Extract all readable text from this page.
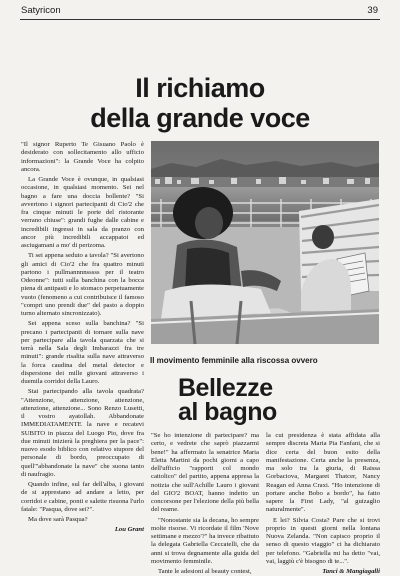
Satyricon	39
Il richiamo
della grande voce

"Il signor Ruperto Te Gisuano Paolo è desiderato con sollecitamento allo ufficio informazioni": la Grande Voce ha colpito ancora.

La Grande Voce è ovunque, in qualsiasi occasione, in qualsiasi momento. Sei nel bagno a fare una doccia bollente? "Si avvertono i signori partecipanti di Cio'2 che fra cinque minuti le porte del ristorante verrano chiuse": grandi fughe dalle cabine e incredibili ingressi in sala da pranzo con ancor più incredibili accappatoi ed asciugamani a mo' di perizoma.

Ti sei appena seduto a tavola? "Si avertono gli amici di Cio'2 che fra quattro minuti partono i pullmannnnsssss per il teatro Odeonne": tutti sulla banchina con la bocca piena di antipasti e lo stomaco perpetuamente vuoto (fenomeno a cui contribuisce il famoso "compri uno prendi due" del pasto a doppio turno alternato sincronizzato).

Sei appena sceso sulla banchina? "Si precano i partecipanti di tornare sulla nave per partecipare alla tavola quarzata che si terrà nella Sala degli Imbarazzi fra tre minuti": grande risalita sulla nave attraverso la forca caudina del metal detector e dispersione dei mille giovani attraverso i duemila corridoi della Lauro.

Stai partecipando alla tavola quadrata? "Attenzione, attenzione, attenzione, attenzione, attenzione... Sono Renzo Lusetti, il vostro ayatollah. Abbandonate IMMEDIATAMENTE la nave e recatevi SUBITO in piazza del Luogo Pio, dove fra due minuti inizierà la preghiera per la pace": nuovo esodo biblico con relativo stupore del personale di bordo, preoccupato di quell'"abbandonate la nave" che suona tanto di naufragio.

Quando infine, sul far dell'alba, i giovani de si apprestano ad andare a letto, per corridoi e cabine, ponti e salette risuona l'urlo fatale: "Pasqua, dove sei?".

Ma dove sarà Pasqua?

Lou Grant
Il movimento femminile alla riscossa ovvero
Bellezze
al bagno

"Se ho intenzione di partecipare? ma certo, e vedrete che saprò piazzarmi bene!" ha affermato la senatrice Maria Eletta Martini da pochi giorni a capo dell'ufficio "rapporti col mondo cattolico" del partito, appena appresa la notizia che sull'Achille Lauro i giovani del GIO'2 BOAT, hanno indetto un concorsone per l'elezione della più bella del reame.

"Nonostante sia la decana, ho sempre molte risorse. Vi ricordate il film 'Nove settimane e mezzo'?" ha invece ribattuto la delegata Gabriella Ceccatelli, che da anni si trova degnamente alla guida del movimento femminile.

Tante le adesioni al beauty contest,

la cui presidenza è stata affidata alla sempre discreta Maria Pia Fanfani, che si dice certa del buon esito della manifestazione. Certa anche la presenza, ma solo tra la giuria, di Raissa Gorbaciova, Margaret Thatcer, Nancy Reagan ed Anna Craxi. "Ho intenzione di portare anche Bobo a bordo", ha fatto sapere la First Lady, "al guizaglio naturalmente".

E lei? Silvia Costa? Pare che si trovi proprio in questi giorni nella lontana Nuova Zelanda. "Non capisco proprio il senso di questo viaggio" ci ha dichiarato per telefono. "Gabriella mi ha detto "vai, vai, laggiù c'è bisogno di te...".

Tanci & Mangiagalli
